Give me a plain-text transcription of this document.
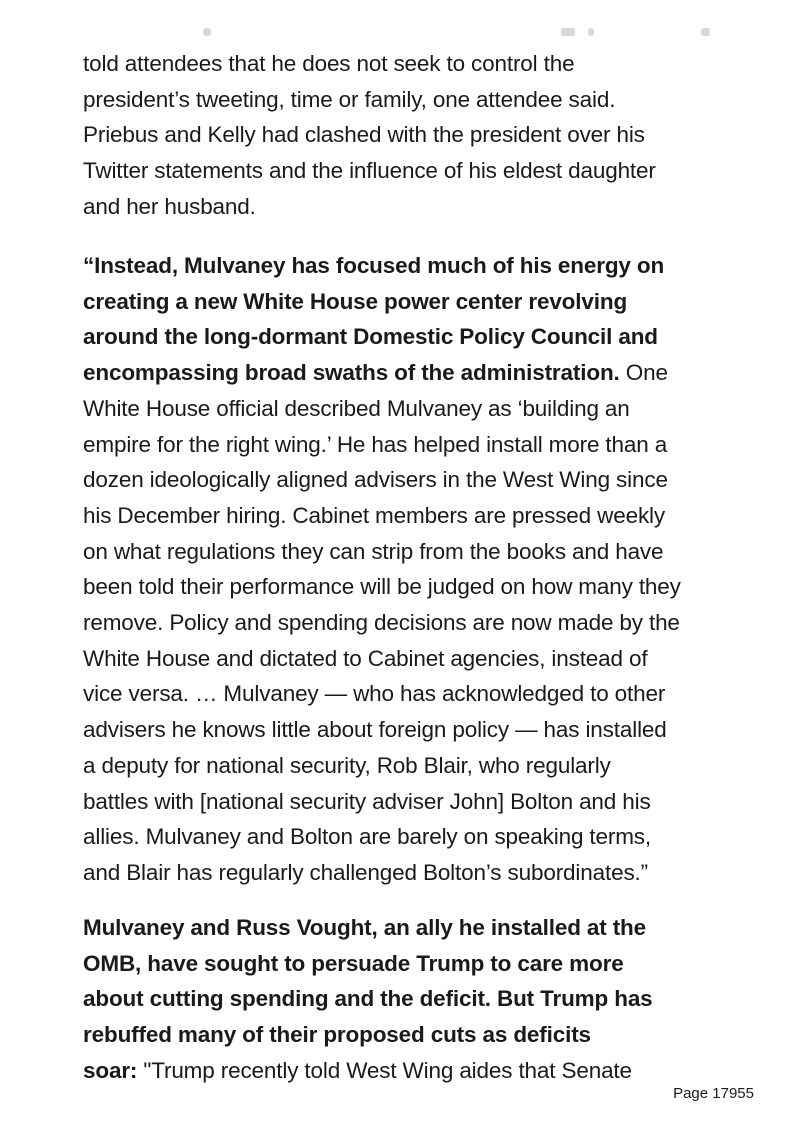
told attendees that he does not seek to control the
president’s tweeting, time or family, one attendee said.
Priebus and Kelly had clashed with the president over his
Twitter statements and the influence of his eldest daughter
and her husband.

“Instead, Mulvaney has focused much of his energy on
creating a new White House power center revolving
around the long-dormant Domestic Policy Council and
encompassing broad swaths of the administration. One
White House official described Mulvaney as ‘building an
empire for the right wing.’ He has helped install more than a
dozen ideologically aligned advisers in the West Wing since
his December hiring. Cabinet members are pressed weekly
on what regulations they can strip from the books and have
been told their performance will be judged on how many they
remove. Policy and spending decisions are now made by the
White House and dictated to Cabinet agencies, instead of
vice versa. … Mulvaney — who has acknowledged to other
advisers he knows little about foreign policy — has installed
a deputy for national security, Rob Blair, who regularly
battles with [national security adviser John] Bolton and his
allies. Mulvaney and Bolton are barely on speaking terms,
and Blair has regularly challenged Bolton’s subordinates.”

Mulvaney and Russ Vought, an ally he installed at the
OMB, have sought to persuade Trump to care more
about cutting spending and the deficit. But Trump has
rebuffed many of their proposed cuts as deficits
soar: "Trump recently told West Wing aides that Senate

Page 17955
